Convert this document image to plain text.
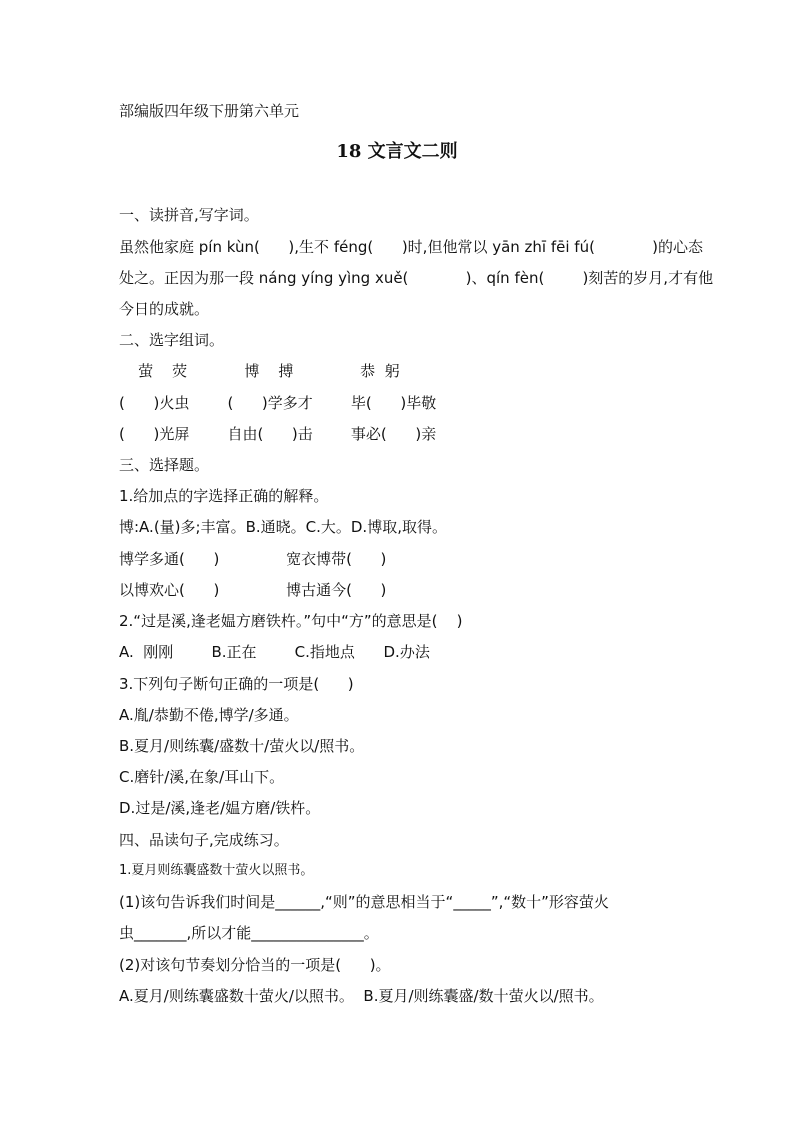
部编版四年级下册第六单元
18 文言文二则
一、读拼音,写字词。
虽然他家庭 pín kùn(      ),生不 féng(      )时,但他常以 yān zhī fēi fú(            )的心态
处之。正因为那一段 náng yíng yìng xuě(            )、qín fèn(        )刻苦的岁月,才有他
今日的成就。
二、选字组词。
萤    荧            博    搏              恭  躬
(      )火虫        (      )学多才        毕(      )毕敬
(      )光屏        自由(      )击        事必(      )亲
三、选择题。
1.给加点的字选择正确的解释。
博:A.(量)多;丰富。B.通晓。C.大。D.博取,取得。
博学多通(      )              宽衣博带(      )
以博欢心(      )              博古通今(      )
2.“过是溪,逢老媪方磨铁杵。”句中“方”的意思是(    )
A.  刚刚        B.正在        C.指地点      D.办法
3.下列句子断句正确的一项是(      )
A.胤/恭勤不倦,博学/多通。
B.夏月/则练囊/盛数十/萤火以/照书。
C.磨针/溪,在象/耳山下。
D.过是/溪,逢老/媪方磨/铁杵。
四、品读句子,完成练习。
1.夏月则练囊盛数十萤火以照书。
(1)该句告诉我们时间是______,“则”的意思相当于“_____”,“数十”形容萤火
虫_______,所以才能_______________。
(2)对该句节奏划分恰当的一项是(      )。
A.夏月/则练囊盛数十萤火/以照书。  B.夏月/则练囊盛/数十萤火以/照书。
